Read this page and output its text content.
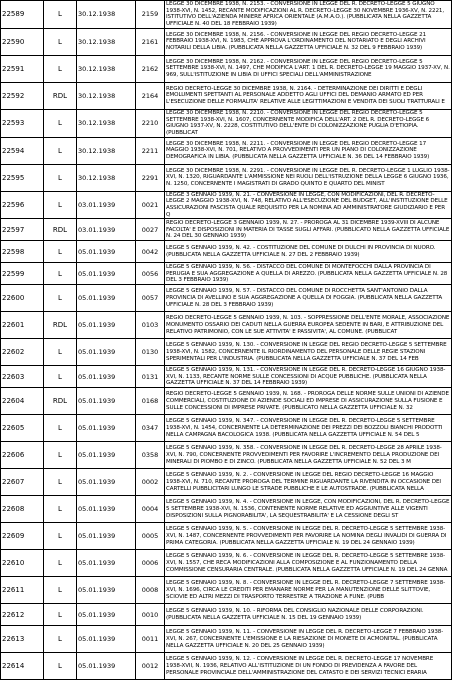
22589	L	30.12.1938	2159	LEGGE 30 DICEMBRE 1938, N. 2153. - CONVERSIONE IN LEGGE DEL R. DECRETO-LEGGE 5 GIUGNO 1938-XVI, N. 1452, RECANTE MODIFICAZIONI AL R. DECRETO-LEGGE 30 NOVEMBRE 1936-XV, N. 2221, ISTITUTIVO DELL'AZIENDA MINIERE AFRICA ORIENTALE (A.M.A.O.). (PUBBLICATA NELLA GAZZETTA UFFICIALE N. 40 DEL 18 FEBBRAIO 1939)

22590	L	30.12.1938	2161	LEGGE 30 DICEMBRE 1938, N. 2156. - CONVERSIONE IN LEGGE DEL REGIO DECRETO-LEGGE 21 FEBBRAIO 1938-XVI, N. 1983, CHE APPROVA L'ORDINAMENTO DEL NOTARIATO E DEGLI ARCHIVI NOTARILI DELLA LIBIA. (PUBBLICATA NELLA GAZZETTA UFFICIALE N. 32 DEL 9 FEBBRAIO 1939)

22591	L	30.12.1938	2162	LEGGE 30 DICEMBRE 1938, N. 2162. - CONVERSIONE IN LEGGE DEL REGIO DECRETO-LEGGE 5 SETTEMBRE 1938-XVI, N. 1497, CHE MODIFICA L'ART. 1 DEL R. DECRETO-LEGGE 19 MAGGIO 1937-XV, N. 969, SULL'ISTITUZIONE IN LIBIA DI UFFICI SPECIALI DELL'AMMINISTRAZIONE

22592	RDL	30.12.1938	2164	REGIO DECRETO-LEGGE 30 DICEMBRE 1938, N. 2164. - DETERMINAZIONE DEI DIRITTI E DEGLI EMOLUMENTI SPETTANTI AL PERSONALE ADDETTO AGLI UFFICI DEL DEMANIO ARMATO ED PER L'ESECUZIONE DELLE FORMALITA' RELATIVE ALLE LEGITTIMAZIONI E VENDITA DEI SUOLI TRATTURALI E

22593	L	30.12.1938	2210	LEGGE 30 DICEMBRE 1938, N. 2210. - CONVERSIONE IN LEGGE DEL REGIO DECRETO-LEGGE 5 SETTEMBRE 1938-XVI, N. 1607, CONCERNENTE MODIFICA DELL'ART. 2 DEL R. DECRETO-LEGGE 6 GIUGNO 1937-XV, N. 2228, COSTITUTIVO DELL'ENTE DI COLONIZZAZIONE PUGLIA D'ETIOPIA. (PUBBLICAT

22594	L	30.12.1938	2211	LEGGE 30 DICEMBRE 1938, N. 2211. - CONVERSIONE IN LEGGE DEL REGIO DECRETO-LEGGE 17 MAGGIO 1938-XVI, N. 701, RELATIVO A PROVVEDIMENTI PER UN PIANO DI COLONIZZAZIONE DEMOGRAFICA IN LIBIA. (PUBBLICATA NELLA GAZZETTA UFFICIALE N. 36 DEL 14 FEBBRAIO 1939)

22595	L	30.12.1938	2291	LEGGE 30 DICEMBRE 1938, N. 2291. - CONVERSIONE IN LEGGE DEL R. DECRETO-LEGGE 1 LUGLIO 1938-XVI, N. 1320, RIGUARDANTE L'AMMISSIONE NEI RUOLI DELL'ISTRUZIONE DELLA LEGGE 6 GIUGNO 1936, N. 1250, CONCERNENTE I MAGISTRATI DI GRADO QUINTO E QUARTO DEL MINIST

22596	L	03.01.1939	0021	LEGGE 3 GENNAIO 1939, N. 21. - CONVERSIONE IN LEGGE, CON MODIFICAZIONI, DEL R. DECRETO-LEGGE 2 MAGGIO 1938-XVI, N. 748, RELATIVO ALL'ESECUZIONE DEL BUDGET, ALL'INSTITUZIONE DELLE ASSICURAZIONI FASCISTA QUALE REQUISITO PER LA NOMINA AD AMMINISTRATORE GIUDIZIARIO E PER Q

22597	RDL	03.01.1939	0027	REGIO DECRETO-LEGGE 3 GENNAIO 1939, N. 27. - PROROGA AL 31 DICEMBRE 1939-XVIII DI ALCUNE FACOLTA' E DISPOSIZIONI IN MATERIA DI TASSE SUGLI AFFARI. (PUBBLICATO NELLA GAZZETTA UFFICIALE N. 24 DEL 30 GENNAIO 1939)

22598	L	05.01.1939	0042	LEGGE 5 GENNAIO 1939, N. 42. - COSTITUZIONE DEL COMUNE DI DULCHI IN PROVINCIA DI NUORO. (PUBBLICATA NELLA GAZZETTA UFFICIALE N. 27 DEL 2 FEBBRAIO 1939)

22599	L	05.01.1939	0056	LEGGE 5 GENNAIO 1939, N. 56. - DISTACCO DEL COMUNE DI MONTEFOCCHI DALLA PROVINCIA DI PERUGIA E SUA AGGREGAZIONE A QUELLA DI AREZZO. (PUBBLICATA NELLA GAZZETTA UFFICIALE N. 28 DEL 3 FEBBRAIO 1939)

22600	L	05.01.1939	0057	LEGGE 5 GENNAIO 1939, N. 57. - DISTACCO DEL COMUNE DI ROCCHETTA SANT'ANTONIO DALLA PROVINCIA DI AVELLINO E SUA AGGREGAZIONE A QUELLA DI FOGGIA. (PUBBLICATA NELLA GAZZETTA UFFICIALE N. 28 DEL 3 FEBBRAIO 1939)

22601	RDL	05.01.1939	0103	REGIO DECRETO-LEGGE 5 GENNAIO 1939, N. 103. - SOPPRESSIONE DELL'ENTE MORALE, ASSOCIAZIONE MONUMENTO OSSARIO DEI CADUTI NELLA GUERRA EUROPEA SEDENTE IN BARI, E ATTRIBUZIONE DEL RELATIVO PATRIMONIO, CON LE SUE ATTIVITA' E PASSIVITA', AL COMUNE. (PUBBLICAT

22602	L	05.01.1939	0130	LEGGE 5 GENNAIO 1939, N. 130. - CONVERSIONE IN LEGGE DEL REGIO DECRETO-LEGGE 5 SETTEMBRE 1938-XVI, N. 1582, CONCERNENTE IL RIORDINAMENTO DEL PERSONALE DELLE REGIE STAZIONI SPERIMENTALI PER L'INDUSTRIA. (PUBBLICATA NELLA GAZZETTA UFFICIALE N. 37 DEL 14 FEB

22603	L	05.01.1939	0131	LEGGE 5 GENNAIO 1939, N. 131. - CONVERSIONE IN LEGGE DEL R. DECRETO-LEGGE 16 GIUGNO 1938-XVI, N. 1133, RECANTE NORME SULLE CONCESSIONI DI ACQUE PUBBLICHE. (PUBBLICATA NELLA GAZZETTA UFFICIALE N. 37 DEL 14 FEBBRAIO 1939)

22604	RDL	05.01.1939	0168	REGIO DECRETO-LEGGE 5 GENNAIO 1939, N. 168. - PROROGA DELLE NORME SULLE UNIONI DI AZIENDE COMMERCIALI, COSTITUZIONE DI AZIENDE SOCIALI ED IMPRESE DI ASSICURAZIONE SULLA FUSIONE E SULLE CONCESSIONI DI IMPRESE PRIVATE. (PUBBLICATO NELLA GAZZETTA UFFICIALE N. 32

22605	L	05.01.1939	0347	LEGGE 5 GENNAIO 1939, N. 347. - CONVERSIONE IN LEGGE DEL R. DECRETO-LEGGE 5 SETTEMBRE 1938-XVI, N. 1454, CONCERNENTE LA DETERMINAZIONE DEI PREZZI DEI BOZZOLI BIANCHI PRODOTTI NELLA CAMPAGNA BACOLOGICA 1938. (PUBBLICATA NELLA GAZZETTA UFFICIALE N. 54 DEL 5

22606	L	05.01.1939	0358	LEGGE 5 GENNAIO 1939, N. 358. - CONVERSIONE IN LEGGE DEL R. DECRETO-LEGGE 28 APRILE 1938-XVI, N. 790, CONCERNENTE PROVVEDIMENTI PER FAVORIRE L'INCREMENTO DELLA PRODUZIONE DEI MINERALI DI PIOMBO E DI ZINCO. (PUBBLICATA NELLA GAZZETTA UFFICIALE N. 52 DEL 3 M

22607	L	05.01.1939	0002	LEGGE 5 GENNAIO 1939, N. 2. - CONVERSIONE IN LEGGE DEL REGIO DECRETO-LEGGE 16 MAGGIO 1938-XVI, N. 710, RECANTE PROROGA DEL TERMINE RIGUARDANTE LA RIVENDITA IN OCCASIONE DEI CARTELLI PUBBLICITARI LUNGO LE STRADE PUBBLICHE E LE AUTOSTRADE. (PUBBLICATA NELLA

22608	L	05.01.1939	0004	LEGGE 5 GENNAIO 1939, N. 4. - CONVERSIONE IN LEGGE, CON MODIFICAZIONI, DEL R. DECRETO-LEGGE 5 SETTEMBRE 1938-XVI, N. 1536, CONTENENTE NORME RELATIVE ED AGGIUNTIVE ALLE VIGENTI DISPOSIZIONI SULLA PIGNORABILITA', LA SEQUESTRABILITA' E LA CESSIONE DEGLI ST

22609	L	05.01.1939	0005	LEGGE 5 GENNAIO 1939, N. 5. - CONVERSIONE IN LEGGE DEL R. DECRETO-LEGGE 5 SETTEMBRE 1938-XVI, N. 1487, CONCERNENTE PROVVEDIMENTI PER FAVORIRE LA NOMINA DEGLI INVALIDI DI GUERRA DI PRIMA CATEGORIA. (PUBBLICATA NELLA GAZZETTA UFFICIALE N. 19 DEL 24 GENNAIO 1939)

22610	L	05.01.1939	0006	LEGGE 5 GENNAIO 1939, N. 6. - CONVERSIONE IN LEGGE DEL R. DECRETO-LEGGE 5 SETTEMBRE 1938-XVI, N. 1557, CHE RECA MODIFICAZIONI ALLA COMPOSIZIONE E AL FUNZIONAMENTO DELLA COMMISSIONE CENSURARIA CENTRALE. (PUBBLICATA NELLA GAZZETTA UFFICIALE N. 19 DEL 24 GENNA

22611	L	05.01.1939	0008	LEGGE 5 GENNAIO 1939, N. 8. - CONVERSIONE IN LEGGE DEL R. DECRETO-LEGGE 7 SETTEMBRE 1938-XVI, N. 1696, CIRCA LE CREDITI PER EMANARE NORME PER LA MANUTENZIONE DELLE SLITTOVIE, SCIOVIE ED ALTRI MEZZI DI TRASPORTO TERRESTRE A TRAZIONE A FUNE. (PUBB

22612	L	05.01.1939	0010	LEGGE 5 GENNAIO 1939, N. 10. - RIFORMA DEL CONSIGLIO NAZIONALE DELLE CORPORAZIONI. (PUBBLICATA NELLA GAZZETTA UFFICIALE N. 15 DEL 19 GENNAIO 1939)

22613	L	05.01.1939	0011	LEGGE 5 GENNAIO 1939, N. 11. - CONVERSIONE IN LEGGE DEL R. DECRETO-LEGGE 7 FEBBRAIO 1938-XVI, N. 267, CONCERNENTE L'EMISSIONE E LA RIESAZIONE DI MONETE DI ACMONITAL. (PUBBLICATA NELLA GAZZETTA UFFICIALE N. 20 DEL 25 GENNAIO 1939)

22614	L	05.01.1939	0012	LEGGE 5 GENNAIO 1939, N. 12. - CONVERSIONE IN LEGGE DEL R. DECRETO-LEGGE 17 NOVEMBRE 1938-XVII, N. 1936, RELATIVO ALL'ISTITUZIONE DI UN FONDO DI PREVIDENZA A FAVORE DEL PERSONALE PROVINCIALE DELL'AMMINISTRAZIONE DEL CATASTO E DEI SERVIZI TECNICI ERARIA
